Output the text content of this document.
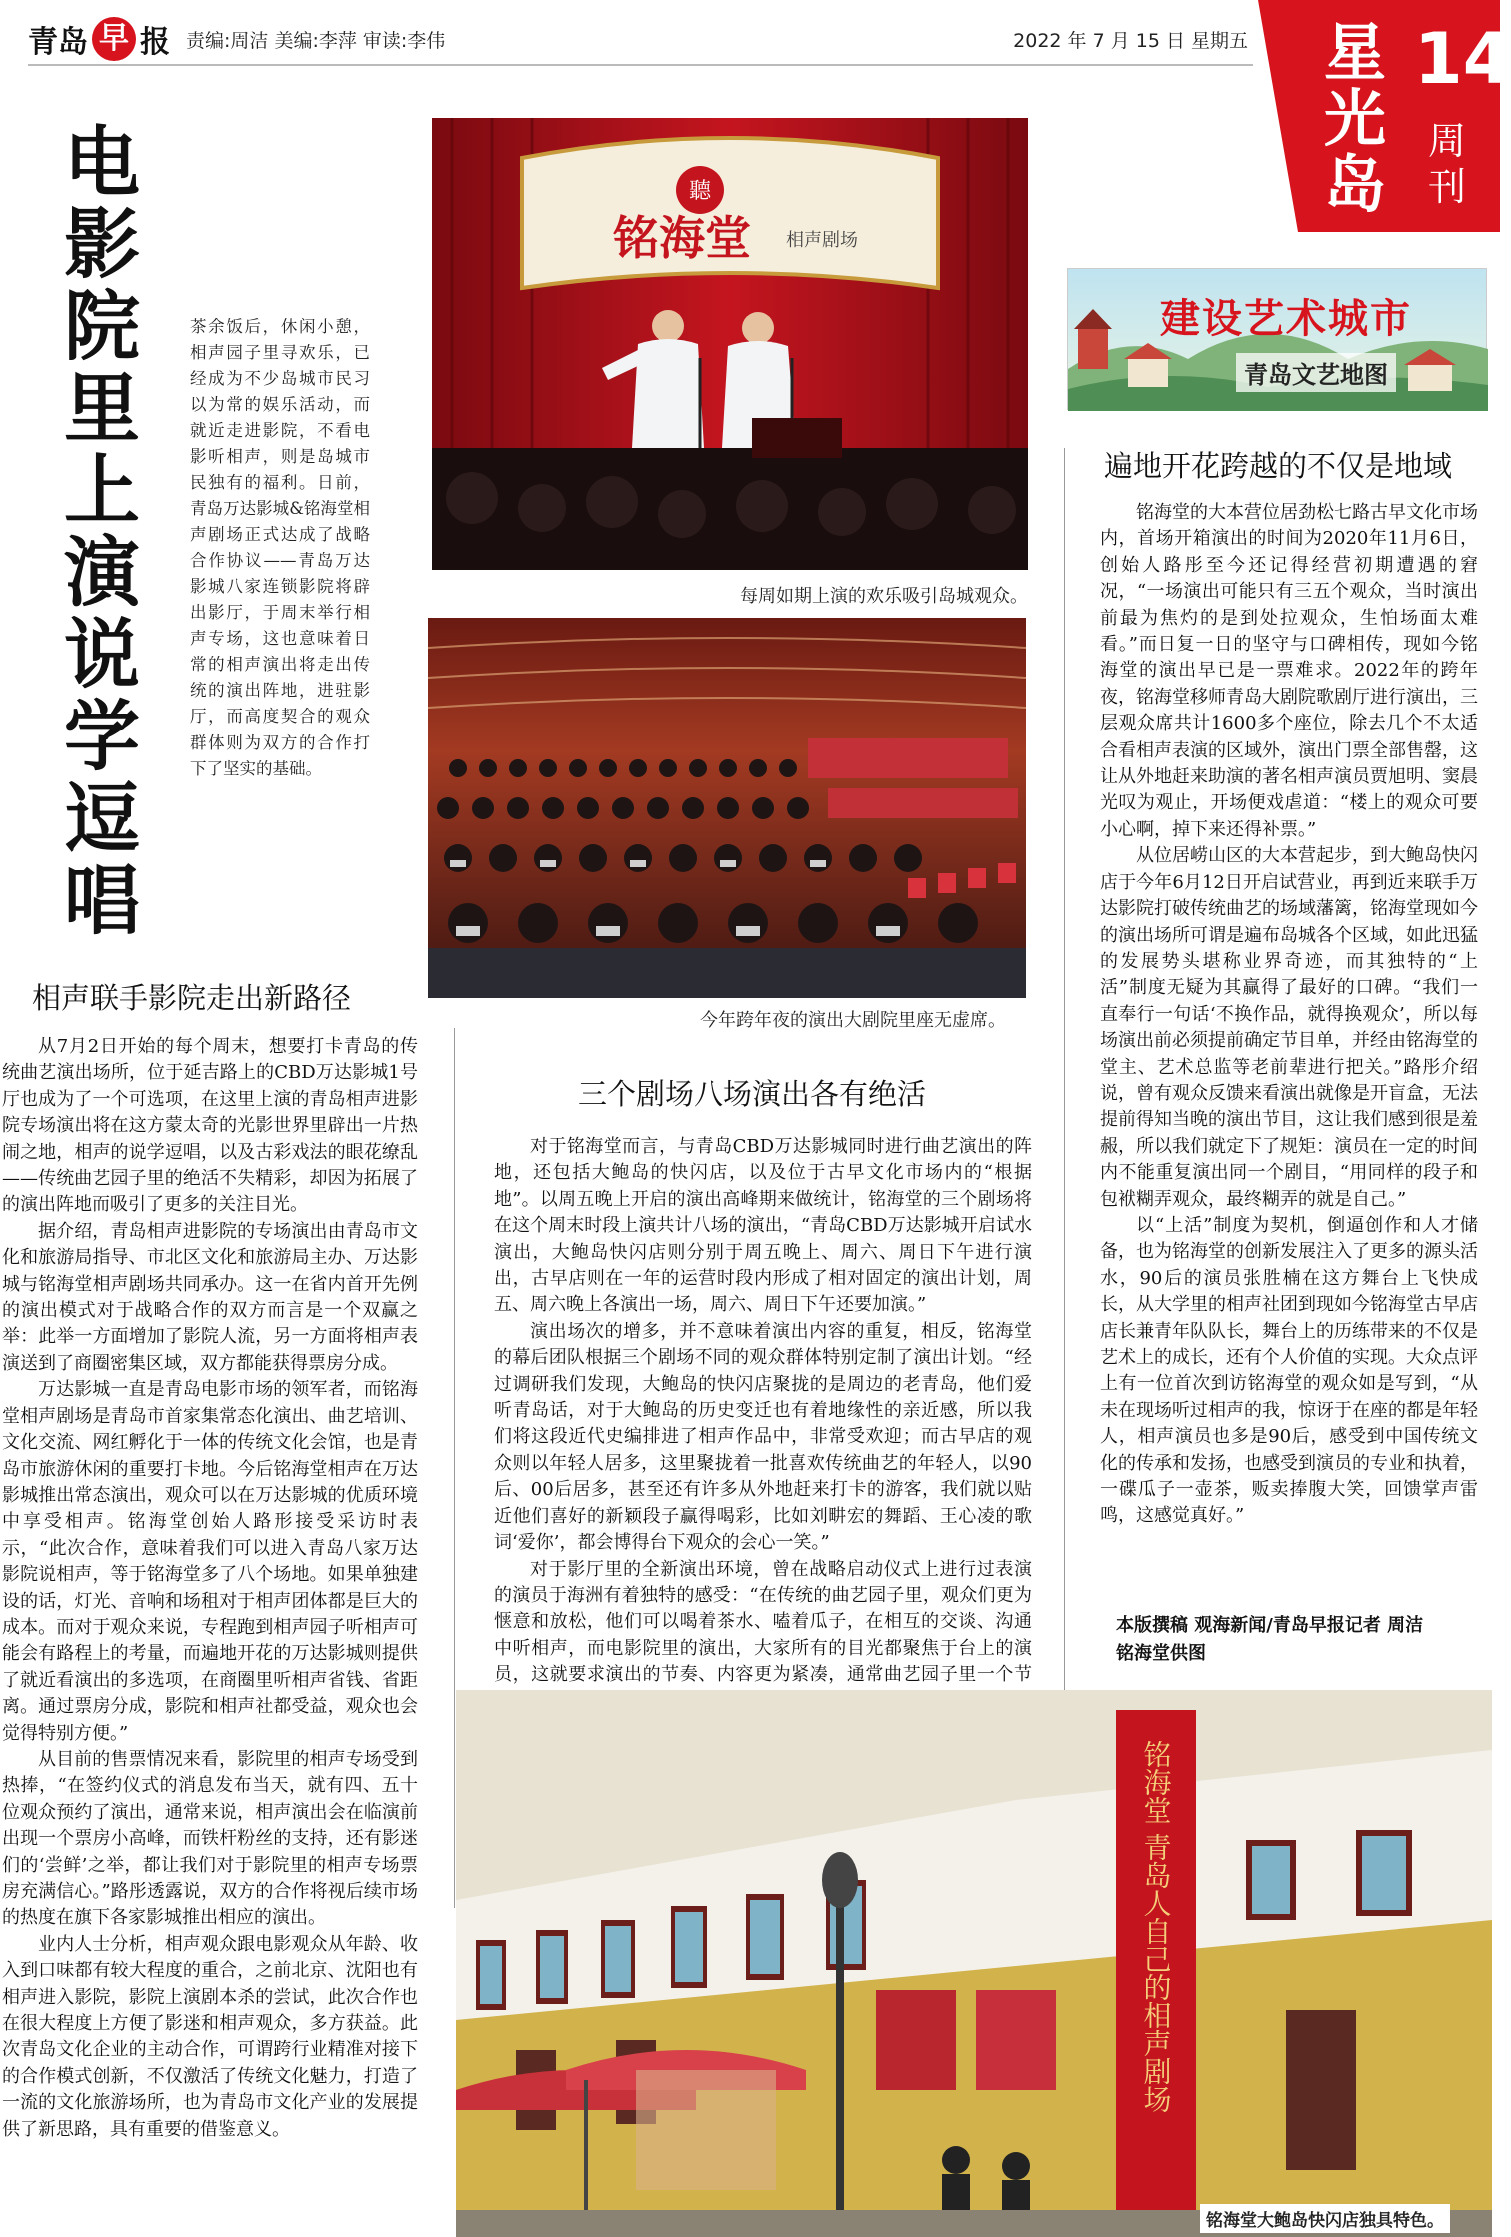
青岛 早 报 责编:周洁 美编:李萍 审读:李伟	2022 年 7 月 15 日 星期五 星光岛
14
周刊
电影院里上演说学逗唱
茶余饭后，休闲小憩，相声园子里寻欢乐，已经成为不少岛城市民习以为常的娱乐活动，而就近走进影院，不看电影听相声，则是岛城市民独有的福利。日前，青岛万达影城&铭海堂相声剧场正式达成了战略合作协议——青岛万达影城八家连锁影院将辟出影厅，于周末举行相声专场，这也意味着日常的相声演出将走出传统的演出阵地，进驻影厅，而高度契合的观众群体则为双方的合作打下了坚实的基础。
聽
铭海堂 相声剧场
每周如期上演的欢乐吸引岛城观众。
今年跨年夜的演出大剧院里座无虚席。
建设艺术城市
青岛文艺地图
相声联手影院走出新路径

从7月2日开始的每个周末，想要打卡青岛的传统曲艺演出场所，位于延吉路上的CBD万达影城1号厅也成为了一个可选项，在这里上演的青岛相声进影院专场演出将在这方蒙太奇的光影世界里辟出一片热闹之地，相声的说学逗唱，以及古彩戏法的眼花缭乱——传统曲艺园子里的绝活不失精彩，却因为拓展了的演出阵地而吸引了更多的关注目光。

据介绍，青岛相声进影院的专场演出由青岛市文化和旅游局指导、市北区文化和旅游局主办、万达影城与铭海堂相声剧场共同承办。这一在省内首开先例的演出模式对于战略合作的双方而言是一个双赢之举：此举一方面增加了影院人流，另一方面将相声表演送到了商圈密集区域，双方都能获得票房分成。

万达影城一直是青岛电影市场的领军者，而铭海堂相声剧场是青岛市首家集常态化演出、曲艺培训、文化交流、网红孵化于一体的传统文化会馆，也是青岛市旅游休闲的重要打卡地。今后铭海堂相声在万达影城推出常态演出，观众可以在万达影城的优质环境中享受相声。铭海堂创始人路形接受采访时表示，“此次合作，意味着我们可以进入青岛八家万达影院说相声，等于铭海堂多了八个场地。如果单独建设的话，灯光、音响和场租对于相声团体都是巨大的成本。而对于观众来说，专程跑到相声园子听相声可能会有路程上的考量，而遍地开花的万达影城则提供了就近看演出的多选项，在商圈里听相声省钱、省距离。通过票房分成，影院和相声社都受益，观众也会觉得特别方便。”

从目前的售票情况来看，影院里的相声专场受到热捧，“在签约仪式的消息发布当天，就有四、五十位观众预约了演出，通常来说，相声演出会在临演前出现一个票房小高峰，而铁杆粉丝的支持，还有影迷们的‘尝鲜’之举，都让我们对于影院里的相声专场票房充满信心。”路彤透露说，双方的合作将视后续市场的热度在旗下各家影城推出相应的演出。

业内人士分析，相声观众跟电影观众从年龄、收入到口味都有较大程度的重合，之前北京、沈阳也有相声进入影院，影院上演剧本杀的尝试，此次合作也在很大程度上方便了影迷和相声观众，多方获益。此次青岛文化企业的主动合作，可谓跨行业精准对接下的合作模式创新，不仅激活了传统文化魅力，打造了一流的文化旅游场所，也为青岛市文化产业的发展提供了新思路，具有重要的借鉴意义。

三个剧场八场演出各有绝活

对于铭海堂而言，与青岛CBD万达影城同时进行曲艺演出的阵地，还包括大鲍岛的快闪店，以及位于古早文化市场内的“根据地”。以周五晚上开启的演出高峰期来做统计，铭海堂的三个剧场将在这个周末时段上演共计八场的演出，“青岛CBD万达影城开启试水演出，大鲍岛快闪店则分别于周五晚上、周六、周日下午进行演出，古早店则在一年的运营时段内形成了相对固定的演出计划，周五、周六晚上各演出一场，周六、周日下午还要加演。”

演出场次的增多，并不意味着演出内容的重复，相反，铭海堂的幕后团队根据三个剧场不同的观众群体特别定制了演出计划。“经过调研我们发现，大鲍岛的快闪店聚拢的是周边的老青岛，他们爱听青岛话，对于大鲍岛的历史变迁也有着地缘性的亲近感，所以我们将这段近代史编排进了相声作品中，非常受欢迎；而古早店的观众则以年轻人居多，这里聚拢着一批喜欢传统曲艺的年轻人，以90后、00后居多，甚至还有许多从外地赶来打卡的游客，我们就以贴近他们喜好的新颖段子赢得喝彩，比如刘畊宏的舞蹈、王心凌的歌词‘爱你’，都会博得台下观众的会心一笑。”

对于影厅里的全新演出环境，曾在战略启动仪式上进行过表演的演员于海洲有着独特的感受：“在传统的曲艺园子里，观众们更为惬意和放松，他们可以喝着茶水、嗑着瓜子，在相互的交谈、沟通中听相声，而电影院里的演出，大家所有的目光都聚焦于台上的演员，这就要求演出的节奏、内容更为紧凑，通常曲艺园子里一个节

遍地开花跨越的不仅是地域

铭海堂的大本营位居劲松七路古早文化市场内，首场开箱演出的时间为2020年11月6日，创始人路彤至今还记得经营初期遭遇的窘况，“一场演出可能只有三五个观众，当时演出前最为焦灼的是到处拉观众，生怕场面太难看。”而日复一日的坚守与口碑相传，现如今铭海堂的演出早已是一票难求。2022年的跨年夜，铭海堂移师青岛大剧院歌剧厅进行演出，三层观众席共计1600多个座位，除去几个不太适合看相声表演的区域外，演出门票全部售罄，这让从外地赶来助演的著名相声演员贾旭明、窦晨光叹为观止，开场便戏虐道：“楼上的观众可要小心啊，掉下来还得补票。”

从位居崂山区的大本营起步，到大鲍岛快闪店于今年6月12日开启试营业，再到近来联手万达影院打破传统曲艺的场域藩篱，铭海堂现如今的演出场所可谓是遍布岛城各个区域，如此迅猛的发展势头堪称业界奇迹，而其独特的“上活”制度无疑为其赢得了最好的口碑。“我们一直奉行一句话‘不换作品，就得换观众’，所以每场演出前必须提前确定节目单，并经由铭海堂的堂主、艺术总监等老前辈进行把关。”路彤介绍说，曾有观众反馈来看演出就像是开盲盒，无法提前得知当晚的演出节目，这让我们感到很是羞赧，所以我们就定下了规矩：演员在一定的时间内不能重复演出同一个剧目，“用同样的段子和包袱糊弄观众，最终糊弄的就是自己。”

以“上活”制度为契机，倒逼创作和人才储备，也为铭海堂的创新发展注入了更多的源头活水，90后的演员张胜楠在这方舞台上飞快成长，从大学里的相声社团到现如今铭海堂古早店店长兼青年队队长，舞台上的历练带来的不仅是艺术上的成长，还有个人价值的实现。大众点评上有一位首次到访铭海堂的观众如是写到，“从未在现场听过相声的我，惊讶于在座的都是年轻人，相声演员也多是90后，感受到中国传统文化的传承和发扬，也感受到演员的专业和执着，一碟瓜子一壶茶，贩卖捧腹大笑，回馈掌声雷鸣，这感觉真好。”

本版撰稿 观海新闻/青岛早报记者 周洁
铭海堂供图
铭海堂 青岛人自己的相声剧场
铭海堂大鲍岛快闪店独具特色。
